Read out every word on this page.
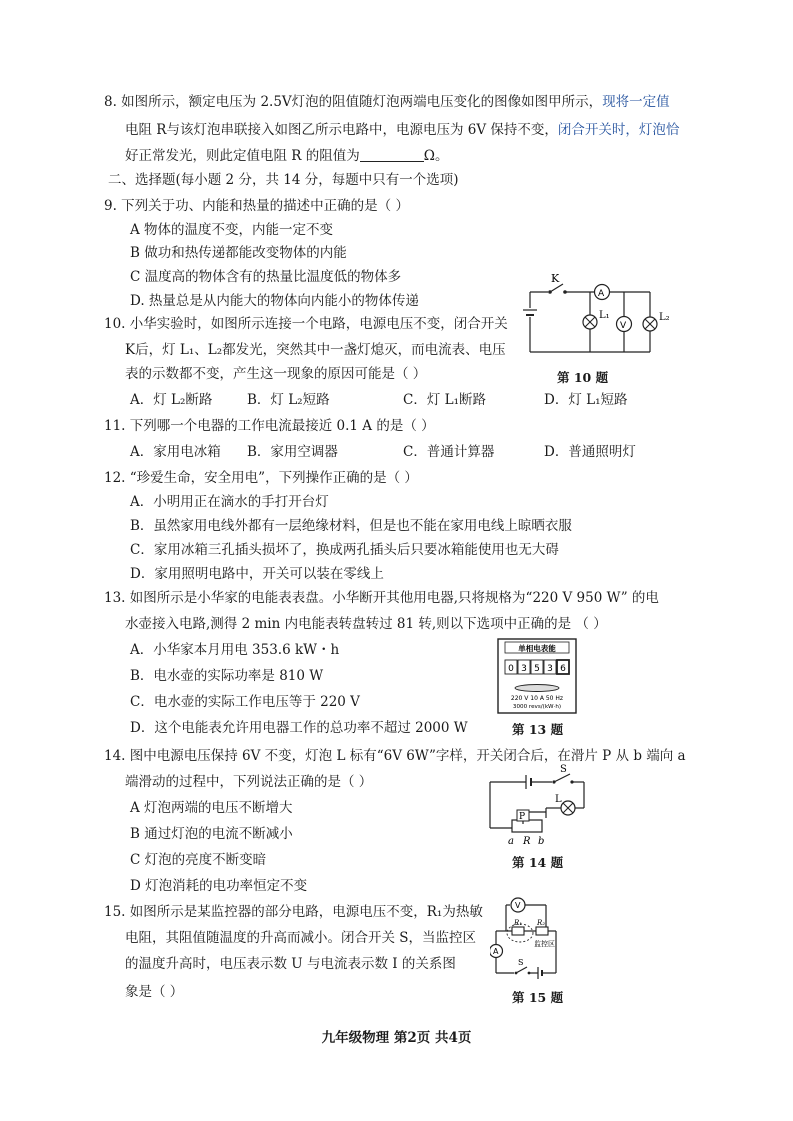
8. 如图所示，额定电压为 2.5V灯泡的阻值随灯泡两端电压变化的图像如图甲所示，现将一定值
电阻 R与该灯泡串联接入如图乙所示电路中，电源电压为 6V 保持不变，闭合开关时，灯泡恰
好正常发光，则此定值电阻 R 的阻值为	Ω。
二、选择题(每小题 2 分，共 14 分，每题中只有一个选项)
9. 下列关于功、内能和热量的描述中正确的是（ ）
A 物体的温度不变，内能一定不变
B 做功和热传递都能改变物体的内能
C 温度高的物体含有的热量比温度低的物体多
D. 热量总是从内能大的物体向内能小的物体传递
10. 小华实验时，如图所示连接一个电路，电源电压不变，闭合开关
K后，灯 L₁、L₂都发光，突然其中一盏灯熄灭，而电流表、电压
表的示数都不变，产生这一现象的原因可能是（ ）
A．灯 L₂断路	B．灯 L₂短路	C．灯 L₁断路	D．灯 L₁短路
K
A
V
L₁	L₂
第 10 题
11. 下列哪一个电器的工作电流最接近 0.1 A 的是（ ）
A．家用电冰箱 B．家用空调器	C．普通计算器	D．普通照明灯
12. “珍爱生命，安全用电”，下列操作正确的是（ ）
A．小明用正在滴水的手打开台灯
B．虽然家用电线外都有一层绝缘材料，但是也不能在家用电线上晾晒衣服
C．家用冰箱三孔插头损坏了，换成两孔插头后只要冰箱能使用也无大碍
D．家用照明电路中，开关可以装在零线上
13. 如图所示是小华家的电能表表盘。小华断开其他用电器,只将规格为“220 V 950 W” 的电
水壶接入电路,测得 2 min 内电能表转盘转过 81 转,则以下选项中正确的是 （ ）
A．小华家本月用电 353.6 kW・h
B．电水壶的实际功率是 810 W
C．电水壶的实际工作电压等于 220 V
D．这个电能表允许用电器工作的总功率不超过 2000 W
单相电表能
0 3 5 3 6
220 V 10 A 50 Hz
3000 revs/(kW·h)
第 13 题
14. 图中电源电压保持 6V 不变，灯泡 L 标有“6V 6W”字样，开关闭合后，在滑片 P 从 b 端向 a
端滑动的过程中，下列说法正确的是（ ）
A 灯泡两端的电压不断增大
B 通过灯泡的电流不断减小
C 灯泡的亮度不断变暗
D 灯泡消耗的电功率恒定不变
S
L
P
a R b
第 14 题
15. 如图所示是某监控器的部分电路，电源电压不变，R₁为热敏
电阻，其阻值随温度的升高而减小。闭合开关 S，当监控区
的温度升高时，电压表示数 U 与电流表示数 I 的关系图
象是（ ）
V
A
R₁ R₂
监控区
S
第 15 题
九年级物理 第2页 共4页
